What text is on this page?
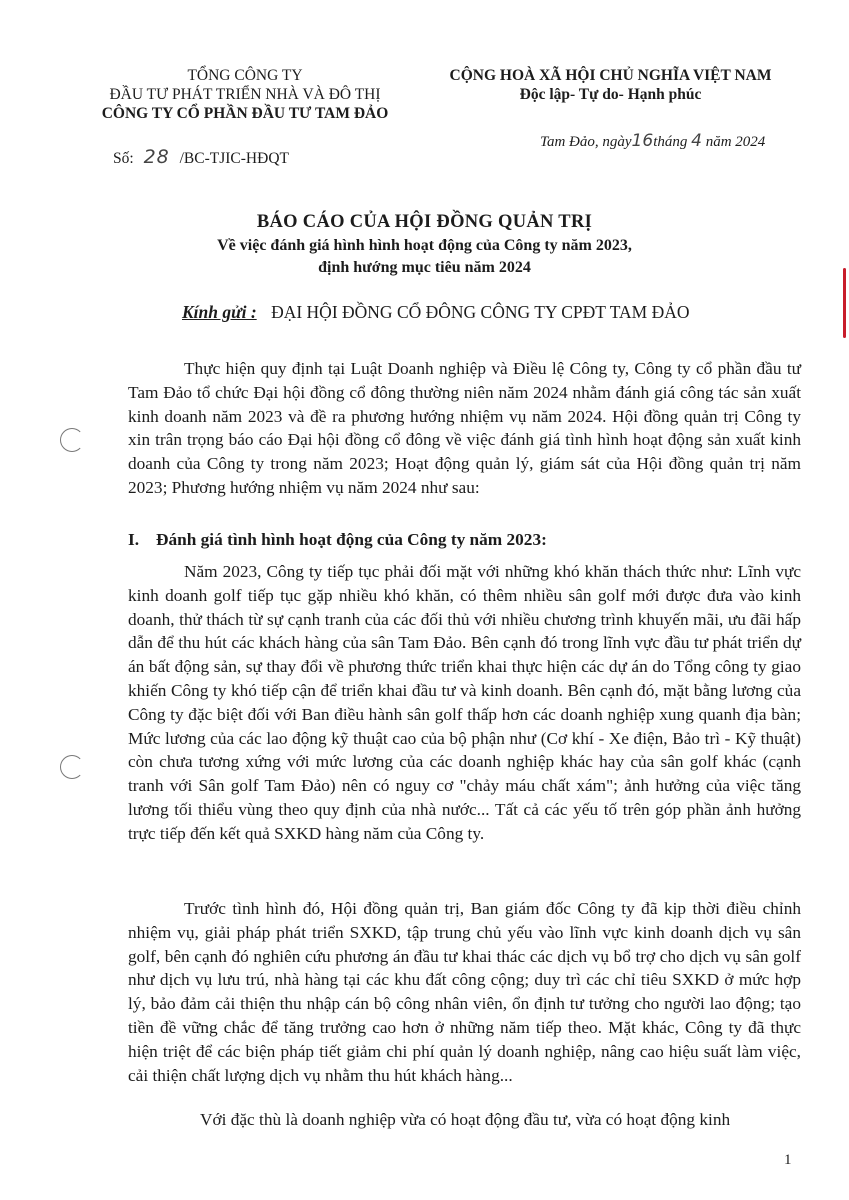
TỔNG CÔNG TY
ĐẦU TƯ PHÁT TRIỂN NHÀ VÀ ĐÔ THỊ
CÔNG TY CỔ PHẦN ĐẦU TƯ TAM ĐẢO
CỘNG HOÀ XÃ HỘI CHỦ NGHĨA VIỆT NAM
Độc lập- Tự do- Hạnh phúc
Số: 28 /BC-TJIC-HĐQT
Tam Đảo, ngày16tháng 4 năm 2024
BÁO CÁO CỦA HỘI ĐỒNG QUẢN TRỊ
Về việc đánh giá hình hình hoạt động của Công ty năm 2023,
định hướng mục tiêu năm 2024
Kính gửi : ĐẠI HỘI ĐỒNG CỔ ĐÔNG CÔNG TY CPĐT TAM ĐẢO
Thực hiện quy định tại Luật Doanh nghiệp và Điều lệ Công ty, Công ty cổ phần đầu tư Tam Đảo tổ chức Đại hội đồng cổ đông thường niên năm 2024 nhằm đánh giá công tác sản xuất kinh doanh năm 2023 và đề ra phương hướng nhiệm vụ năm 2024. Hội đồng quản trị Công ty xin trân trọng báo cáo Đại hội đồng cổ đông về việc đánh giá tình hình hoạt động sản xuất kinh doanh của Công ty trong năm 2023; Hoạt động quản lý, giám sát của Hội đồng quản trị năm 2023; Phương hướng nhiệm vụ năm 2024 như sau:
I. Đánh giá tình hình hoạt động của Công ty năm 2023:
Năm 2023, Công ty tiếp tục phải đối mặt với những khó khăn thách thức như: Lĩnh vực kinh doanh golf tiếp tục gặp nhiều khó khăn, có thêm nhiều sân golf mới được đưa vào kinh doanh, thử thách từ sự cạnh tranh của các đối thủ với nhiều chương trình khuyến mãi, ưu đãi hấp dẫn để thu hút các khách hàng của sân Tam Đảo. Bên cạnh đó trong lĩnh vực đầu tư phát triển dự án bất động sản, sự thay đổi về phương thức triển khai thực hiện các dự án do Tổng công ty giao khiến Công ty khó tiếp cận để triển khai đầu tư và kinh doanh. Bên cạnh đó, mặt bằng lương của Công ty đặc biệt đối với Ban điều hành sân golf thấp hơn các doanh nghiệp xung quanh địa bàn; Mức lương của các lao động kỹ thuật cao của bộ phận như (Cơ khí - Xe điện, Bảo trì - Kỹ thuật) còn chưa tương xứng với mức lương của các doanh nghiệp khác hay của sân golf khác (cạnh tranh với Sân golf Tam Đảo) nên có nguy cơ "chảy máu chất xám"; ảnh hưởng của việc tăng lương tối thiểu vùng theo quy định của nhà nước... Tất cả các yếu tố trên góp phần ảnh hưởng trực tiếp đến kết quả SXKD hàng năm của Công ty.
Trước tình hình đó, Hội đồng quản trị, Ban giám đốc Công ty đã kịp thời điều chỉnh nhiệm vụ, giải pháp phát triển SXKD, tập trung chủ yếu vào lĩnh vực kinh doanh dịch vụ sân golf, bên cạnh đó nghiên cứu phương án đầu tư khai thác các dịch vụ bổ trợ cho dịch vụ sân golf như dịch vụ lưu trú, nhà hàng tại các khu đất công cộng; duy trì các chỉ tiêu SXKD ở mức hợp lý, bảo đảm cải thiện thu nhập cán bộ công nhân viên, ổn định tư tưởng cho người lao động; tạo tiền đề vững chắc để tăng trưởng cao hơn ở những năm tiếp theo. Mặt khác, Công ty đã thực hiện triệt để các biện pháp tiết giảm chi phí quản lý doanh nghiệp, nâng cao hiệu suất làm việc, cải thiện chất lượng dịch vụ nhằm thu hút khách hàng...
Với đặc thù là doanh nghiệp vừa có hoạt động đầu tư, vừa có hoạt động kinh
1
